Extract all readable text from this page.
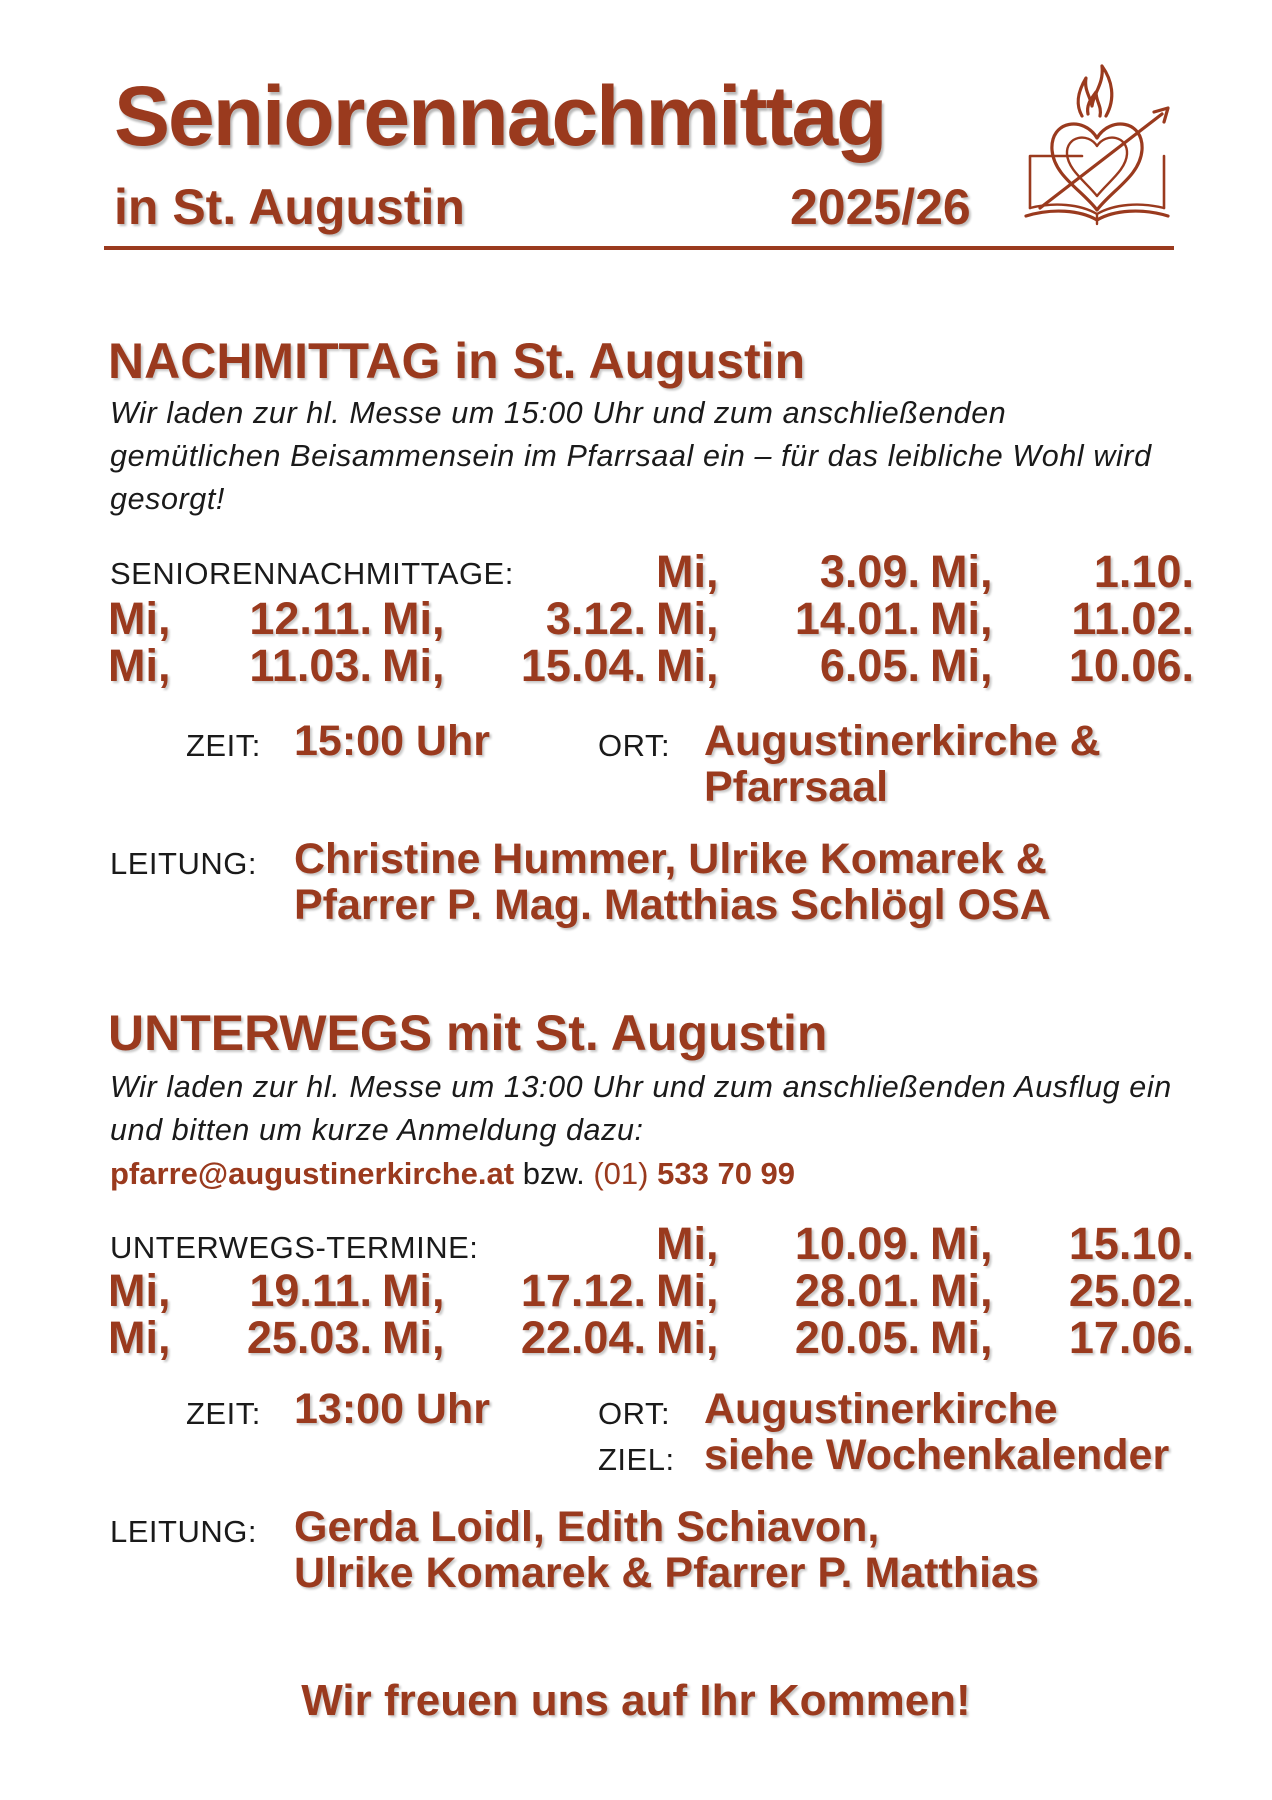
Seniorennachmittag
in St. Augustin	2025/26
NACHMITTAG in St. Augustin
Wir laden zur hl. Messe um 15:00 Uhr und zum anschließenden gemütlichen Beisammensein im Pfarrsaal ein – für das leibliche Wohl wird gesorgt!
SENIORENNACHMITTAGE:	Mi, 3.09. Mi, 1.10.
Mi, 12.11. Mi, 3.12. Mi, 14.01. Mi, 11.02.
Mi, 11.03. Mi, 15.04. Mi, 6.05. Mi, 10.06.
ZEIT: 15:00 Uhr	ORT: Augustinerkirche &
Pfarrsaal
LEITUNG: Christine Hummer, Ulrike Komarek &
Pfarrer P. Mag. Matthias Schlögl OSA
UNTERWEGS mit St. Augustin
Wir laden zur hl. Messe um 13:00 Uhr und zum anschließenden Ausflug ein und bitten um kurze Anmeldung dazu:
pfarre@augustinerkirche.at bzw. (01) 533 70 99
UNTERWEGS-TERMINE:	Mi, 10.09. Mi, 15.10.
Mi, 19.11. Mi, 17.12. Mi, 28.01. Mi, 25.02.
Mi, 25.03. Mi, 22.04. Mi, 20.05. Mi, 17.06.
ZEIT: 13:00 Uhr	ORT: Augustinerkirche
ZIEL: siehe Wochenkalender
LEITUNG: Gerda Loidl, Edith Schiavon,
Ulrike Komarek & Pfarrer P. Matthias
Wir freuen uns auf Ihr Kommen!
